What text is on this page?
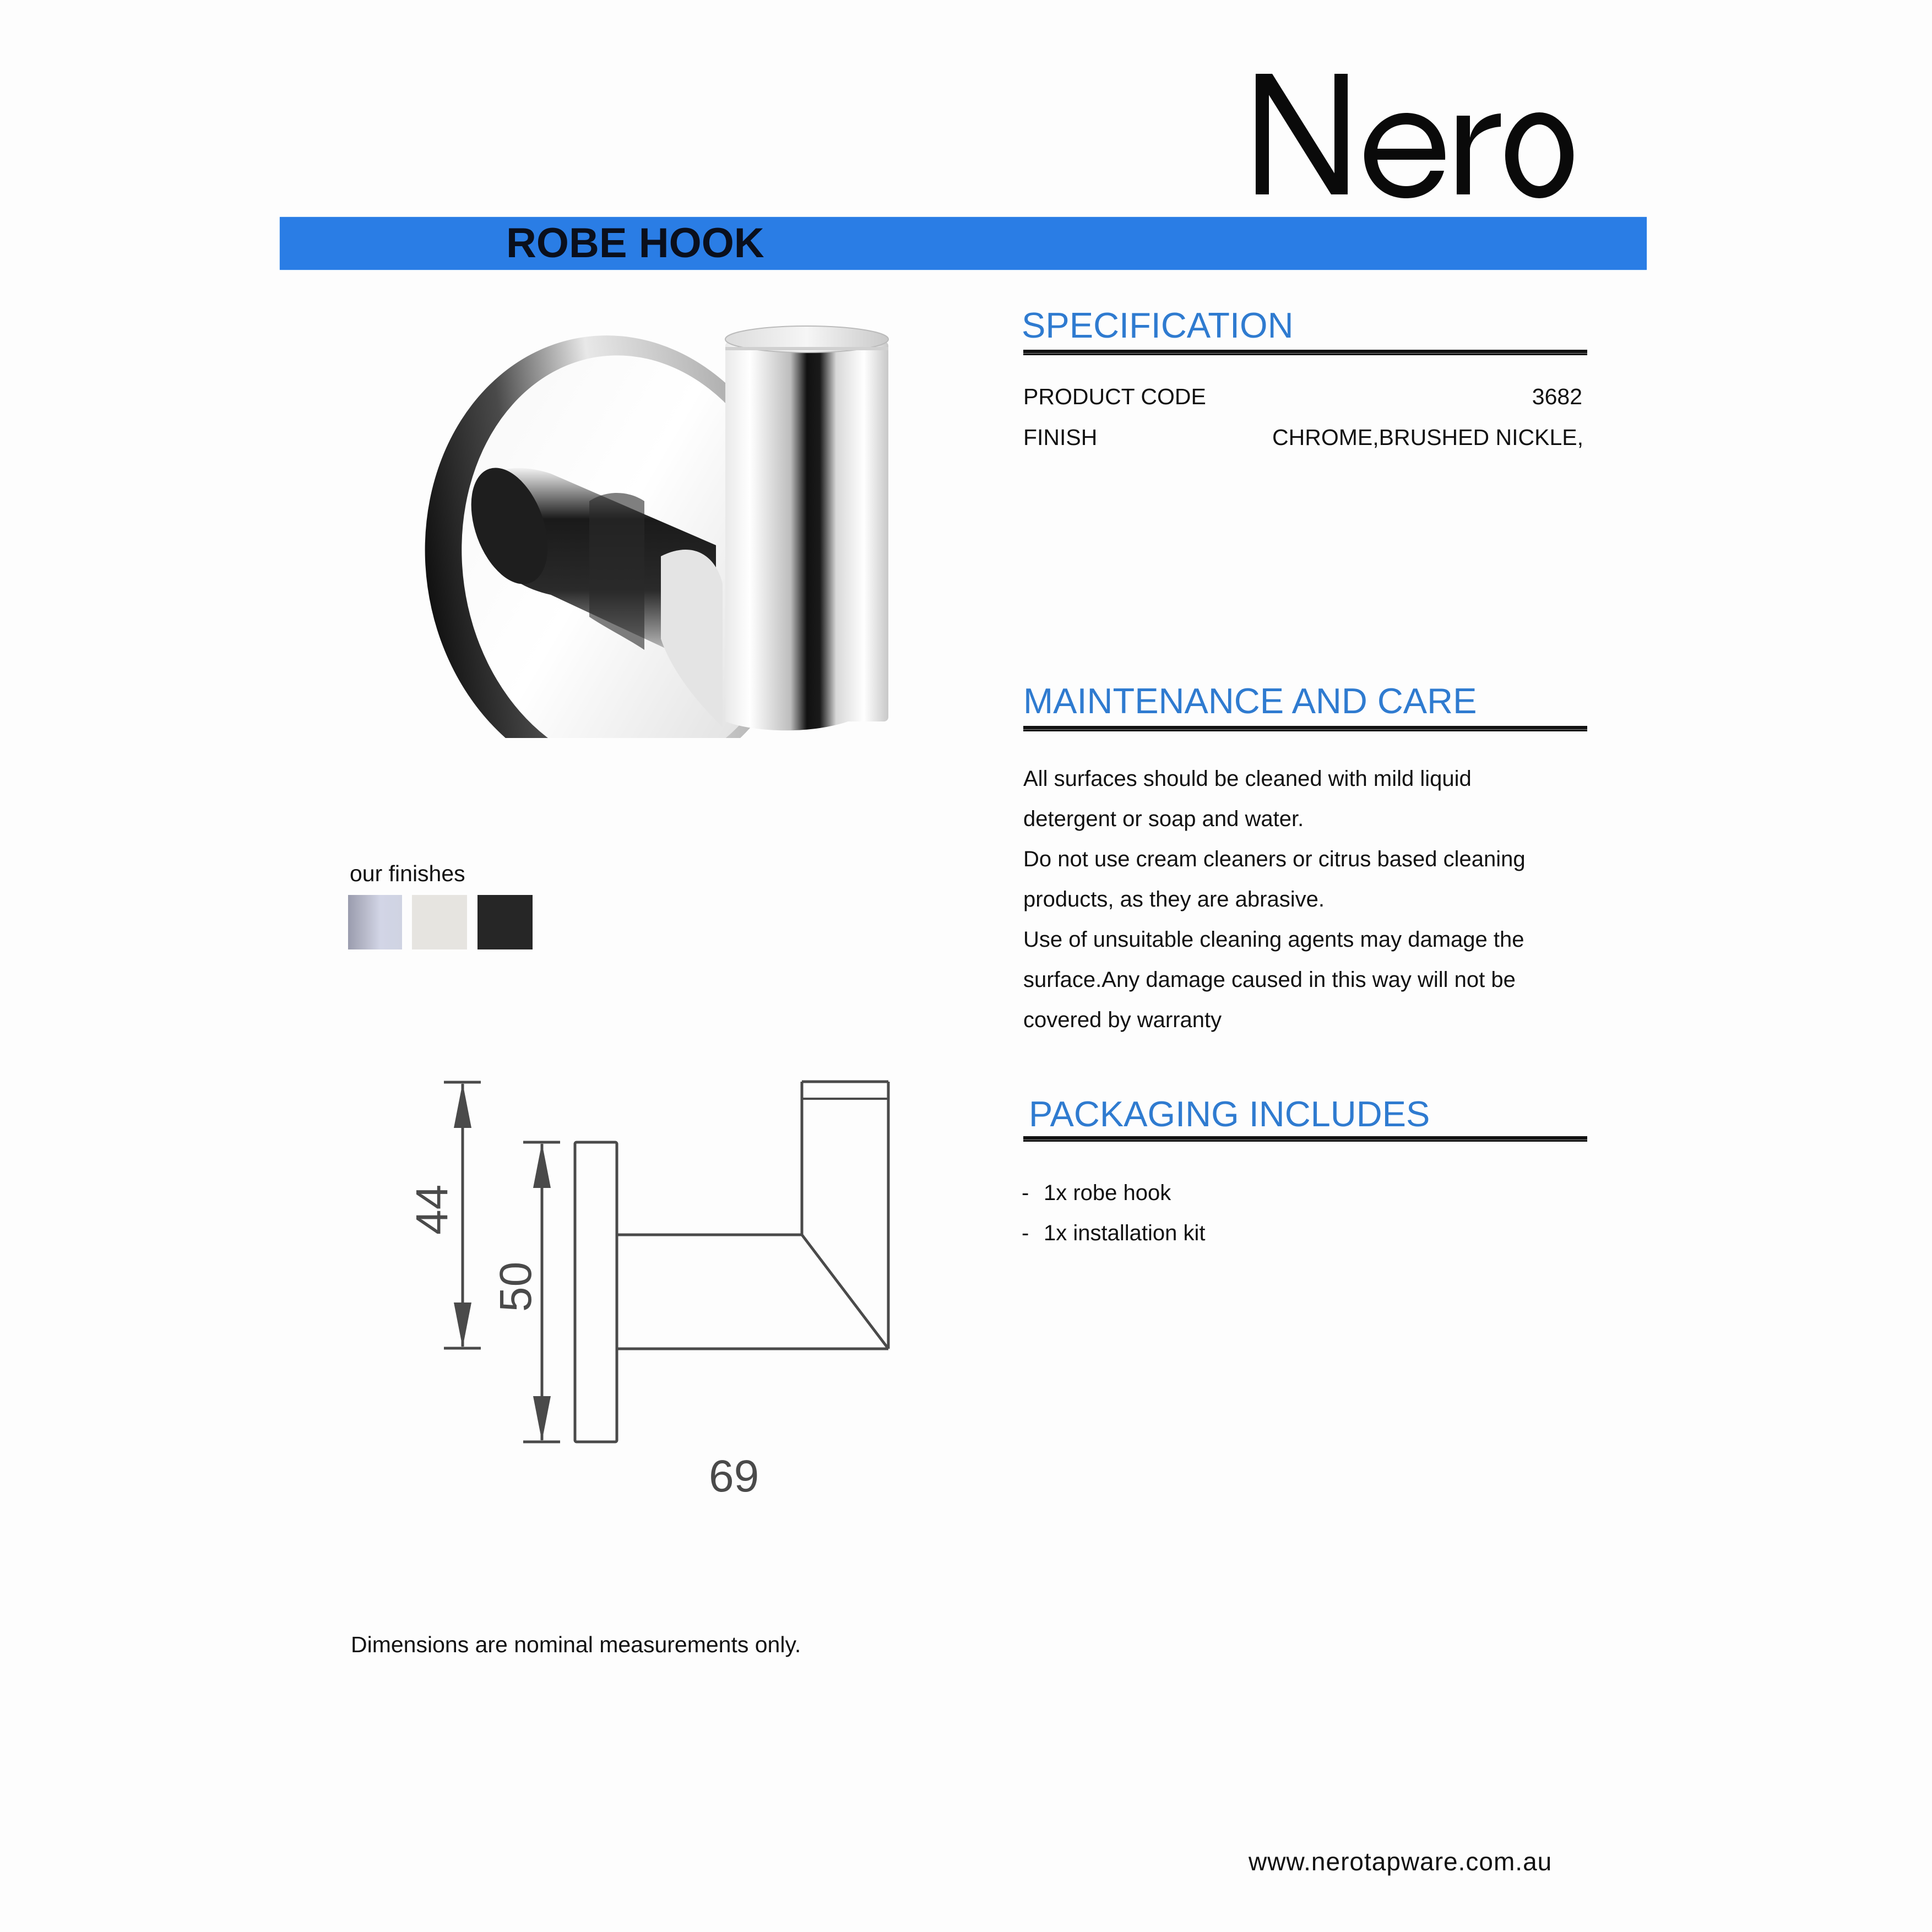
ROBE HOOK
SPECIFICATION
PRODUCT CODE	3682
FINISH	CHROME,BRUSHED NICKLE,
MAINTENANCE AND CARE
All surfaces should be cleaned with mild liquid
detergent or soap and water.
Do not use cream cleaners or citrus based cleaning
products, as they are abrasive.
Use of unsuitable cleaning agents may damage the
surface.Any damage caused in this way will not be
covered by warranty
PACKAGING INCLUDES
- 1x robe hook
- 1x installation kit
our finishes
69
44
50
Dimensions are nominal measurements only.
www.nerotapware.com.au
